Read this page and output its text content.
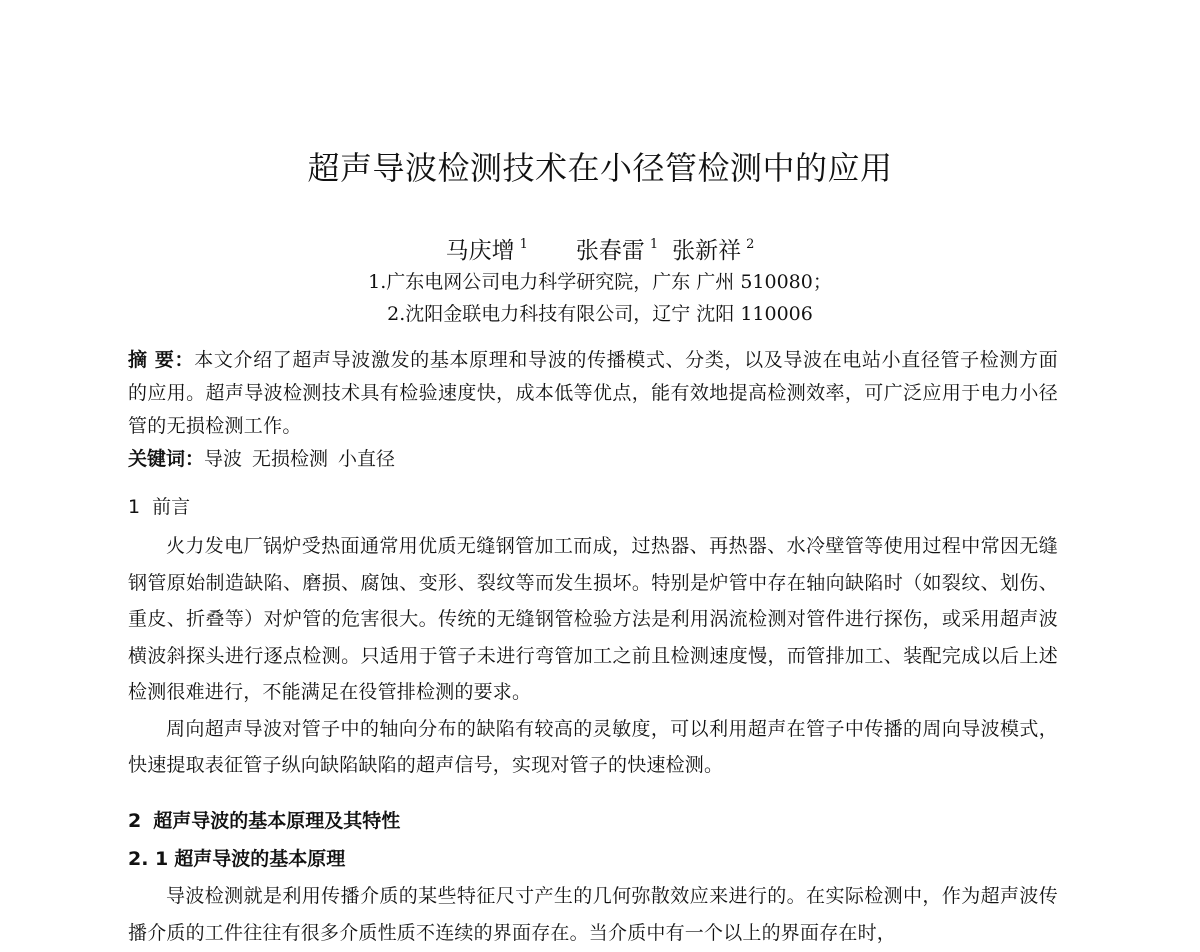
超声导波检测技术在小径管检测中的应用
马庆增 $^1$ 张春雷 $^1$ 张新祥 $^2$
1.广东电网公司电力科学研究院，广东 广州 510080；
2.沈阳金联电力科技有限公司，辽宁 沈阳 110006
摘 要：本文介绍了超声导波激发的基本原理和导波的传播模式、分类，以及导波在电站小直径管子检测方面的应用。超声导波检测技术具有检验速度快，成本低等优点，能有效地提高检测效率，可广泛应用于电力小径管的无损检测工作。
关键词：导波 无损检测 小直径
1 前言

火力发电厂锅炉受热面通常用优质无缝钢管加工而成，过热器、再热器、水冷壁管等使用过程中常因无缝钢管原始制造缺陷、磨损、腐蚀、变形、裂纹等而发生损坏。特别是炉管中存在轴向缺陷时（如裂纹、划伤、重皮、折叠等）对炉管的危害很大。传统的无缝钢管检验方法是利用涡流检测对管件进行探伤，或采用超声波横波斜探头进行逐点检测。只适用于管子未进行弯管加工之前且检测速度慢，而管排加工、装配完成以后上述检测很难进行，不能满足在役管排检测的要求。

周向超声导波对管子中的轴向分布的缺陷有较高的灵敏度，可以利用超声在管子中传播的周向导波模式，快速提取表征管子纵向缺陷缺陷的超声信号，实现对管子的快速检测。

2 超声导波的基本原理及其特性
2. 1 超声导波的基本原理

导波检测就是利用传播介质的某些特征尺寸产生的几何弥散效应来进行的。在实际检测中，作为超声波传播介质的工件往往有很多介质性质不连续的界面存在。当介质中有一个以上的界面存在时，
